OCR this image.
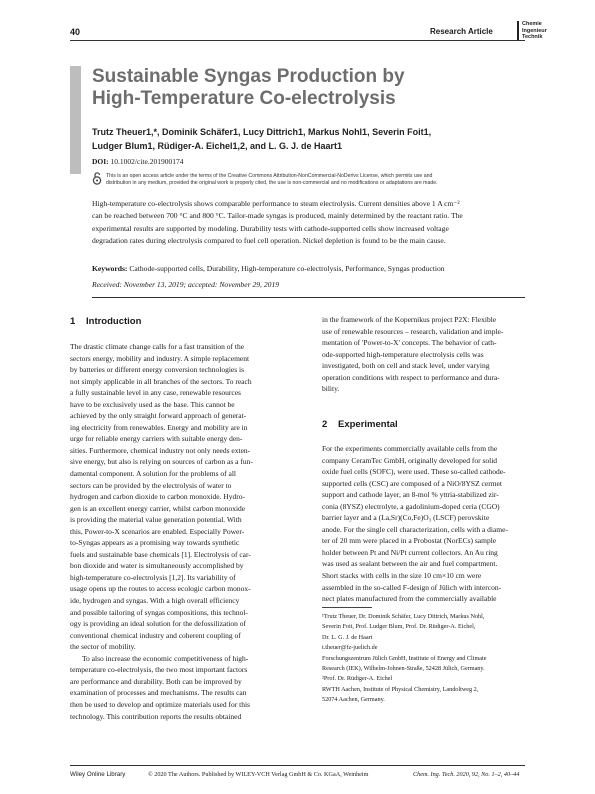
40	Research Article
Chemie
Ingenieur
Technik
Sustainable Syngas Production by
High-Temperature Co-electrolysis
Trutz Theuer1,*, Dominik Schäfer1, Lucy Dittrich1, Markus Nohl1, Severin Foit1,
Ludger Blum1, Rüdiger-A. Eichel1,2, and L. G. J. de Haart1
DOI: 10.1002/cite.201900174
This is an open access article under the terms of the Creative Commons Attribution-NonCommercial-NoDerivs License, which permits use and
distribution in any medium, provided the original work is properly cited, the use is non-commercial and no modifications or adaptations are made.
High-temperature co-electrolysis shows comparable performance to steam electrolysis. Current densities above 1 A cm⁻²
can be reached between 700 °C and 800 °C. Tailor-made syngas is produced, mainly determined by the reactant ratio. The
experimental results are supported by modeling. Durability tests with cathode-supported cells show increased voltage
degradation rates during electrolysis compared to fuel cell operation. Nickel depletion is found to be the main cause.
Keywords: Cathode-supported cells, Durability, High-temperature co-electrolysis, Performance, Syngas production
Received: November 13, 2019; accepted: November 29, 2019
1 Introduction
The drastic climate change calls for a fast transition of the
sectors energy, mobility and industry. A simple replacement
by batteries or different energy conversion technologies is
not simply applicable in all branches of the sectors. To reach
a fully sustainable level in any case, renewable resources
have to be exclusively used as the base. This cannot be
achieved by the only straight forward approach of generat-
ing electricity from renewables. Energy and mobility are in
urge for reliable energy carriers with suitable energy den-
sities. Furthermore, chemical industry not only needs exten-
sive energy, but also is relying on sources of carbon as a fun-
damental component. A solution for the problems of all
sectors can be provided by the electrolysis of water to
hydrogen and carbon dioxide to carbon monoxide. Hydro-
gen is an excellent energy carrier, whilst carbon monoxide
is providing the material value generation potential. With
this, Power-to-X scenarios are enabled. Especially Power-
to-Syngas appears as a promising way towards synthetic
fuels and sustainable base chemicals [1]. Electrolysis of car-
bon dioxide and water is simultaneously accomplished by
high-temperature co-electrolysis [1,2]. Its variability of
usage opens up the routes to access ecologic carbon monox-
ide, hydrogen and syngas. With a high overall efficiency
and possible tailoring of syngas compositions, this technol-
ogy is providing an ideal solution for the defossilization of
conventional chemical industry and coherent coupling of
the sector of mobility.
To also increase the economic competitiveness of high-
temperature co-electrolysis, the two most important factors
are performance and durability. Both can be improved by
examination of processes and mechanisms. The results can
then be used to develop and optimize materials used for this
technology. This contribution reports the results obtained
in the framework of the Kopernikus project P2X: Flexible
use of renewable resources – research, validation and imple-
mentation of 'Power-to-X' concepts. The behavior of cath-
ode-supported high-temperature electrolysis cells was
investigated, both on cell and stack level, under varying
operation conditions with respect to performance and dura-
bility.
2 Experimental
For the experiments commercially available cells from the
company CeramTec GmbH, originally developed for solid
oxide fuel cells (SOFC), were used. These so-called cathode-
supported cells (CSC) are composed of a NiO/8YSZ cermet
support and cathode layer, an 8-mol % yttria-stabilized zir-
conia (8YSZ) electrolyte, a gadolinium-doped ceria (CGO)
barrier layer and a (La,Sr)(Co,Fe)O₃ (LSCF) perovskite
anode. For the single cell characterization, cells with a diame-
ter of 20 mm were placed in a Probostat (NorECs) sample
holder between Pt and Ni/Pt current collectors. An Au ring
was used as sealant between the air and fuel compartment.
Short stacks with cells in the size 10 cm×10 cm were
assembled in the so-called F-design of Jülich with intercon-
nect plates manufactured from the commercially available
¹Trutz Theuer, Dr. Dominik Schäfer, Lucy Dittrich, Markus Nohl,
Severin Foit, Prof. Ludger Blum, Prof. Dr. Rüdiger-A. Eichel,
Dr. L. G. J. de Haart
t.theuer@fz-juelich.de
Forschungszentrum Jülich GmbH, Institute of Energy and Climate
Research (IEK), Wilhelm-Johnen-Straße, 52428 Jülich, Germany.
²Prof. Dr. Rüdiger-A. Eichel
RWTH Aachen, Institute of Physical Chemistry, Landoltweg 2,
52074 Aachen, Germany.
Wiley Online Library	© 2020 The Authors. Published by WILEY-VCH Verlag GmbH & Co. KGaA, Weinheim	Chem. Ing. Tech. 2020, 92, No. 1–2, 40–44
